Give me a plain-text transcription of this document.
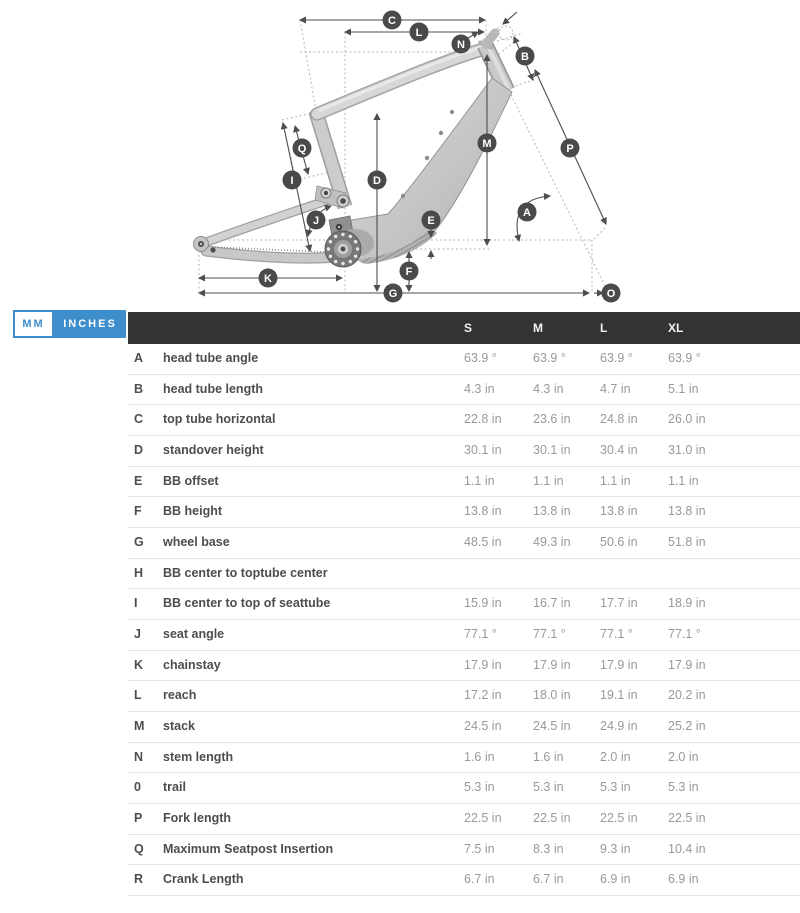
C
L
N
B
P
M
A
D
I
Q
J	E
F
K
G	O
MM	INCHES	S	M	L	XL
A head tube angle	63.9 °	63.9 °	63.9 °	63.9 °
B head tube length	4.3 in	4.3 in	4.7 in	5.1 in
C top tube horizontal	22.8 in	23.6 in 24.8 in 26.0 in
D standover height	30.1 in	30.1 in 30.4 in 31.0 in
E BB offset	1.1 in	1.1 in	1.1 in	1.1 in
F BB height	13.8 in	13.8 in 13.8 in 13.8 in
G wheel base	48.5 in	49.3 in 50.6 in 51.8 in
H BB center to toptube center
I BB center to top of seattube	15.9 in	16.7 in 17.7 in 18.9 in
J seat angle	77.1 °	77.1 °	77.1 °	77.1 °
K chainstay	17.9 in	17.9 in 17.9 in 17.9 in
L reach	17.2 in	18.0 in 19.1 in 20.2 in
M stack	24.5 in	24.5 in 24.9 in 25.2 in
N stem length	1.6 in	1.6 in	2.0 in	2.0 in
0 trail	5.3 in	5.3 in	5.3 in	5.3 in
P Fork length	22.5 in	22.5 in 22.5 in 22.5 in
Q Maximum Seatpost Insertion	7.5 in	8.3 in	9.3 in	10.4 in
R Crank Length	6.7 in	6.7 in	6.9 in	6.9 in
